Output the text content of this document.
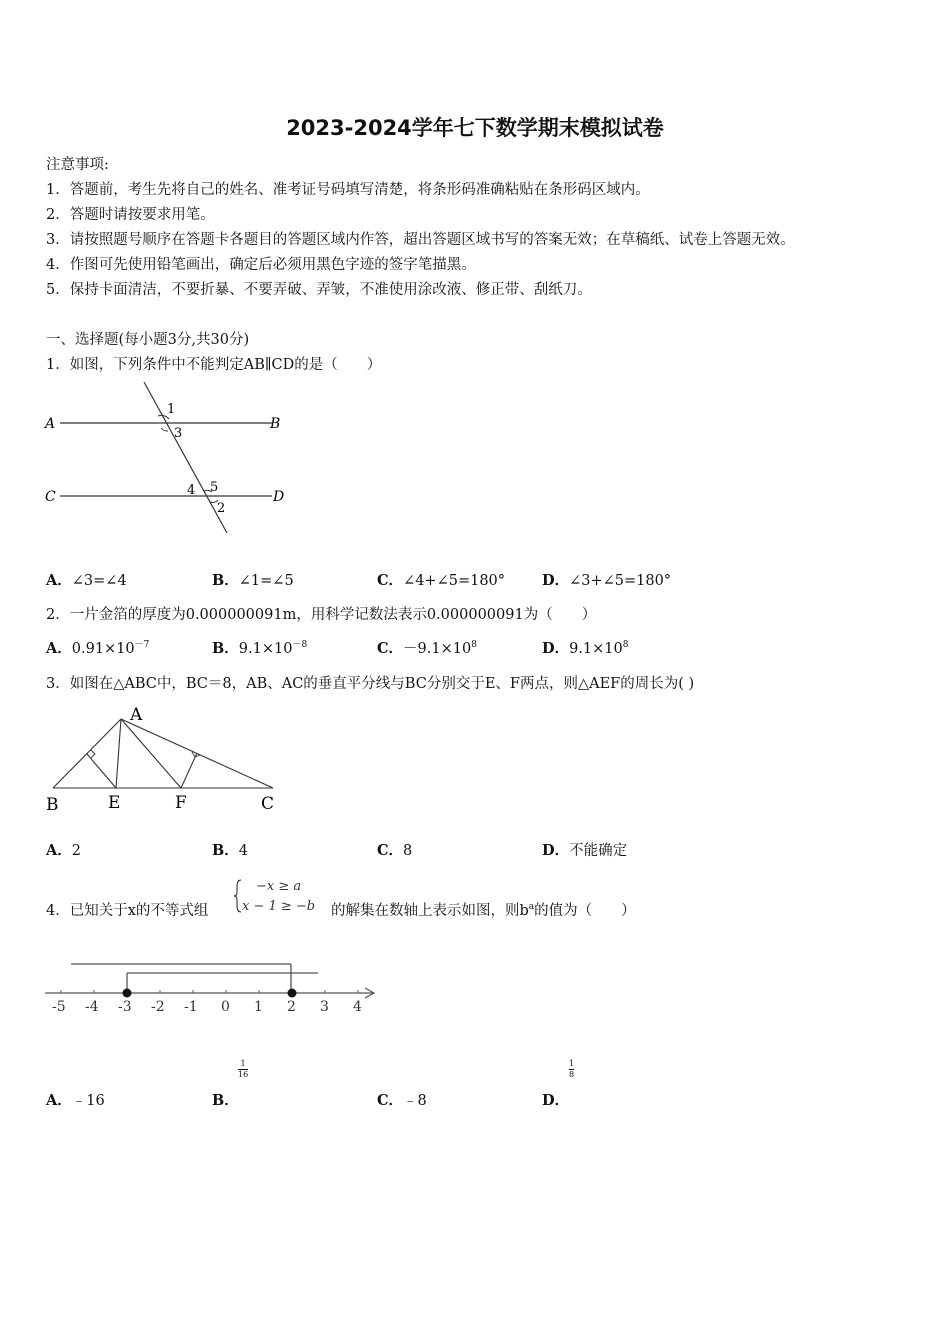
2023-2024学年七下数学期末模拟试卷
注意事项:
1．答题前，考生先将自己的姓名、准考证号码填写清楚，将条形码准确粘贴在条形码区域内。
2．答题时请按要求用笔。
3．请按照题号顺序在答题卡各题目的答题区域内作答，超出答题区域书写的答案无效；在草稿纸、试卷上答题无效。
4．作图可先使用铅笔画出，确定后必须用黑色字迹的签字笔描黑。
5．保持卡面清洁，不要折暴、不要弄破、弄皱，不准使用涂改液、修正带、刮纸刀。
一、选择题(每小题3分,共30分)
1．如图，下列条件中不能判定AB∥CD的是（　　）
A	B
C	D
1
3
4 5
2
A．∠3=∠4	B．∠1=∠5	C．∠4+∠5=180°	D．∠3+∠5=180°
2．一片金箔的厚度为0.000000091m，用科学记数法表示0.000000091为（　　）
A．$0.91\times 10^{-7}$	B．$9.1\times 10^{-8}$	C．$-9.1\times 10^8$	D．$9.1\times 10^8$
3．如图在△ABC中，BC＝8，AB、AC的垂直平分线与BC分别交于E、F两点，则△AEF的周长为( )
A
B	E	F	C
A．2	B．4	C．8	D．不能确定
4．已知关于x的不等式组
−x ≥ a
x − 1 ≥ −b 的解集在数轴上表示如图，则$b^a$的值为（　　）
-5 -4 -3 -2 -1 0 1 2 3 4
A．﹣16	B．
$\frac{1}{16}$
C．﹣8	D．
$\frac{1}{8}$
